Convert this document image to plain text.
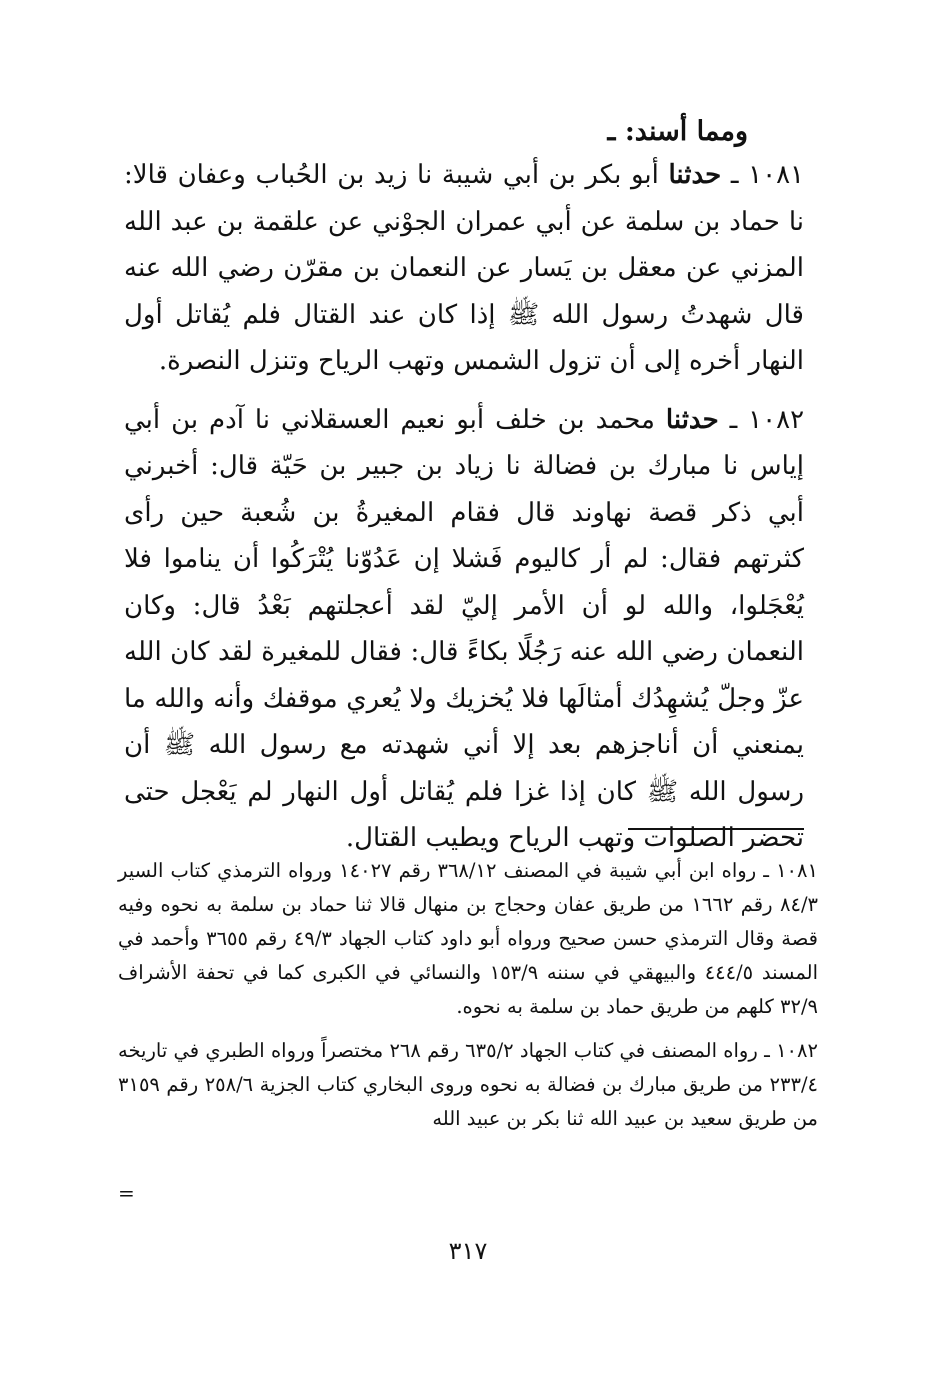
ومما أسند: ـ

١٠٨١ ـ حدثنا أبو بكر بن أبي شيبة نا زيد بن الحُباب وعفان قالا: نا حماد بن سلمة عن أبي عمران الجوْني عن علقمة بن عبد الله المزني عن معقل بن يَسار عن النعمان بن مقرّن رضي الله عنه قال شهدتُ رسول الله ﷺ إذا كان عند القتال فلم يُقاتل أول النهار أخره إلى أن تزول الشمس وتهب الرياح وتنزل النصرة.

١٠٨٢ ـ حدثنا محمد بن خلف أبو نعيم العسقلاني نا آدم بن أبي إياس نا مبارك بن فضالة نا زياد بن جبير بن حَيّة قال: أخبرني أبي ذكر قصة نهاوند قال فقام المغيرةُ بن شُعبة حين رأى كثرتهم فقال: لم أر كاليوم فَشلا إن عَدُوّنا يُتْرَكُوا أن يناموا فلا يُعْجَلوا، والله لو أن الأمر إليّ لقد أعجلتهم بَعْدُ قال: وكان النعمان رضي الله عنه رَجُلًا بكاءً قال: فقال للمغيرة لقد كان الله عزّ وجلّ يُشهِدُك أمثالَها فلا يُخزيك ولا يُعري موقفك وأنه والله ما يمنعني أن أناجزهم بعد إلا أني شهدته مع رسول الله ﷺ أن رسول الله ﷺ كان إذا غزا فلم يُقاتل أول النهار لم يَعْجل حتى تحضر الصلوات وتهب الرياح ويطيب القتال.

١٠٨١ ـ رواه ابن أبي شيبة في المصنف ٣٦٨/١٢ رقم ١٤٠٢٧ ورواه الترمذي كتاب السير ٨٤/٣ رقم ١٦٦٢ من طريق عفان وحجاج بن منهال قالا ثنا حماد بن سلمة به نحوه وفيه قصة وقال الترمذي حسن صحيح ورواه أبو داود كتاب الجهاد ٤٩/٣ رقم ٣٦٥٥ وأحمد في المسند ٤٤٤/٥ والبيهقي في سننه ١٥٣/٩ والنسائي في الكبرى كما في تحفة الأشراف ٣٢/٩ كلهم من طريق حماد بن سلمة به نحوه.

١٠٨٢ ـ رواه المصنف في كتاب الجهاد ٦٣٥/٢ رقم ٢٦٨ مختصراً ورواه الطبري في تاريخه ٢٣٣/٤ من طريق مبارك بن فضالة به نحوه وروى البخاري كتاب الجزية ٢٥٨/٦ رقم ٣١٥٩ من طريق سعيد بن عبيد الله ثنا بكر بن عبيد الله

=
٣١٧
